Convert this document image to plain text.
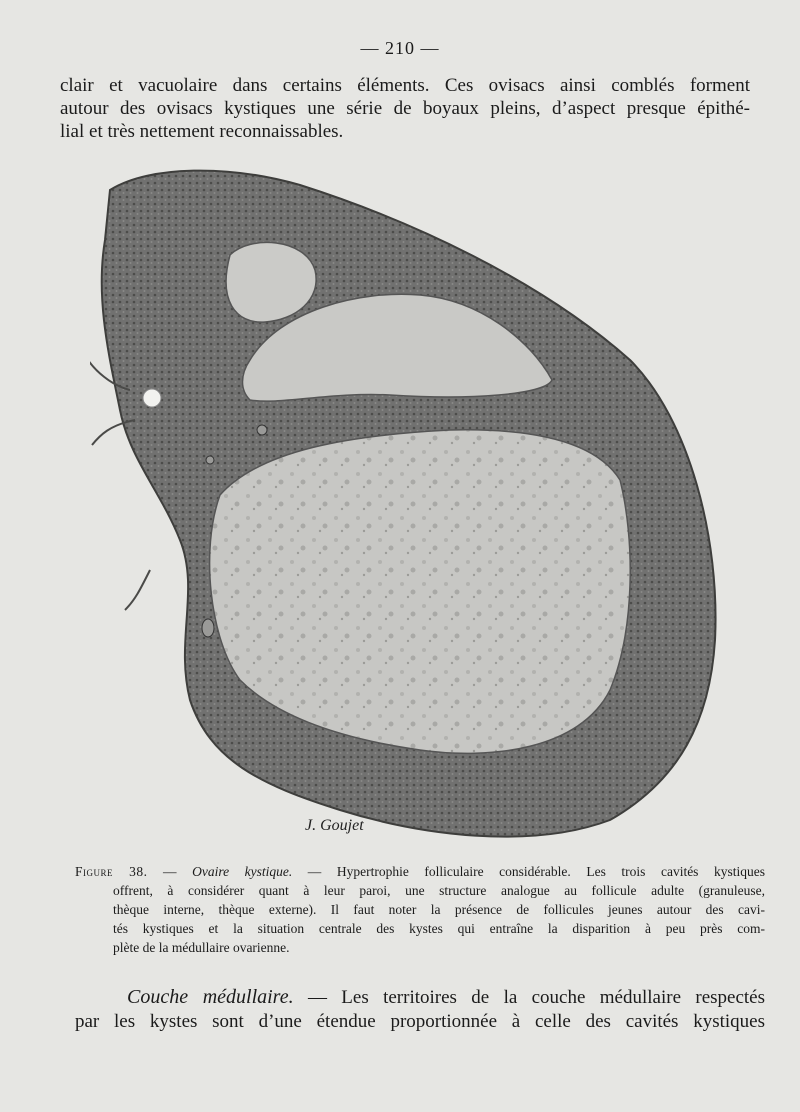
— 210 —
clair et vacuolaire dans certains éléments. Ces ovisacs ainsi comblés forment
autour des ovisacs kystiques une série de boyaux pleins, d’aspect presque épithé-
lial et très nettement reconnaissables.
J. Goujet
Figure 38. — Ovaire kystique. — Hypertrophie folliculaire considérable. Les trois cavités kystiques
offrent, à considérer quant à leur paroi, une structure analogue au follicule adulte (granuleuse,
thèque interne, thèque externe). Il faut noter la présence de follicules jeunes autour des cavi-
tés kystiques et la situation centrale des kystes qui entraîne la disparition à peu près com-
plète de la médullaire ovarienne.
Couche médullaire. — Les territoires de la couche médullaire respectés
par les kystes sont d’une étendue proportionnée à celle des cavités kystiques
